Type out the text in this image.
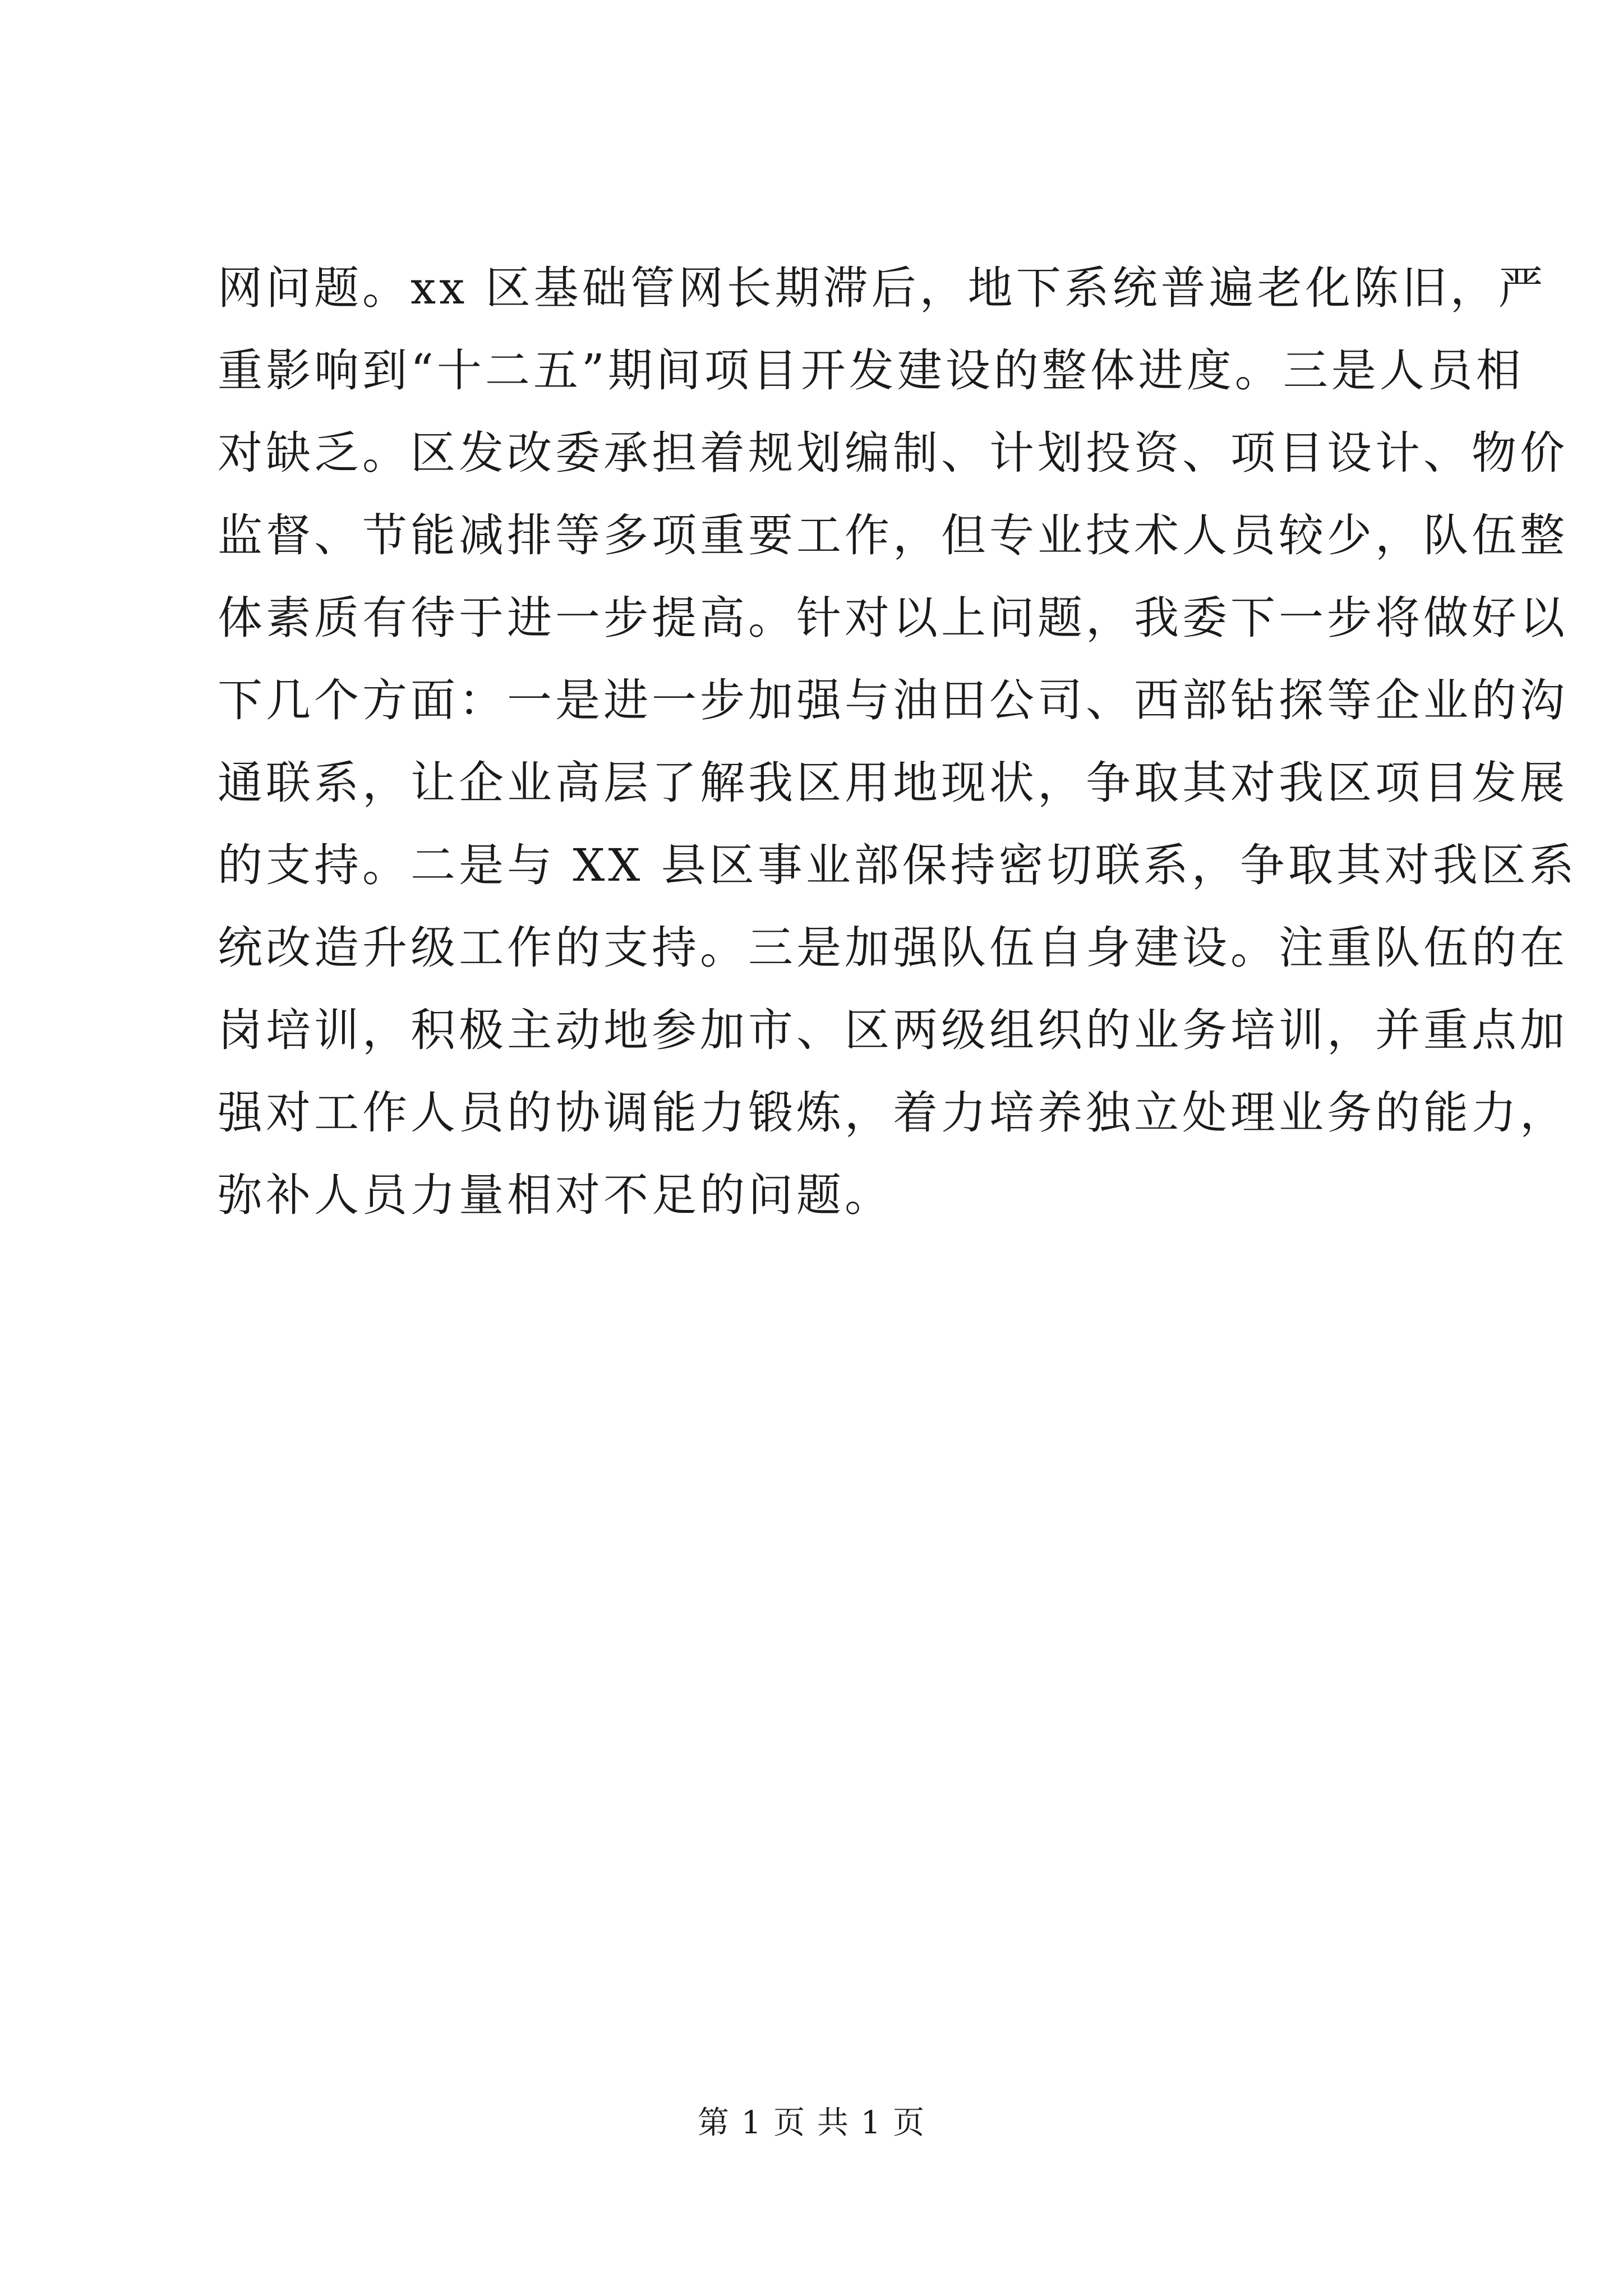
网问题。xx 区基础管网长期滞后，地下系统普遍老化陈旧，严
重影响到“十二五”期间项目开发建设的整体进度。三是人员相
对缺乏。区发改委承担着规划编制、计划投资、项目设计、物价
监督、节能减排等多项重要工作，但专业技术人员较少，队伍整
体素质有待于进一步提高。针对以上问题，我委下一步将做好以
下几个方面：一是进一步加强与油田公司、西部钻探等企业的沟
通联系，让企业高层了解我区用地现状，争取其对我区项目发展
的支持。二是与 XX 县区事业部保持密切联系，争取其对我区系
统改造升级工作的支持。三是加强队伍自身建设。注重队伍的在
岗培训，积极主动地参加市、区两级组织的业务培训，并重点加
强对工作人员的协调能力锻炼，着力培养独立处理业务的能力，
弥补人员力量相对不足的问题。
第 1 页 共 1 页
